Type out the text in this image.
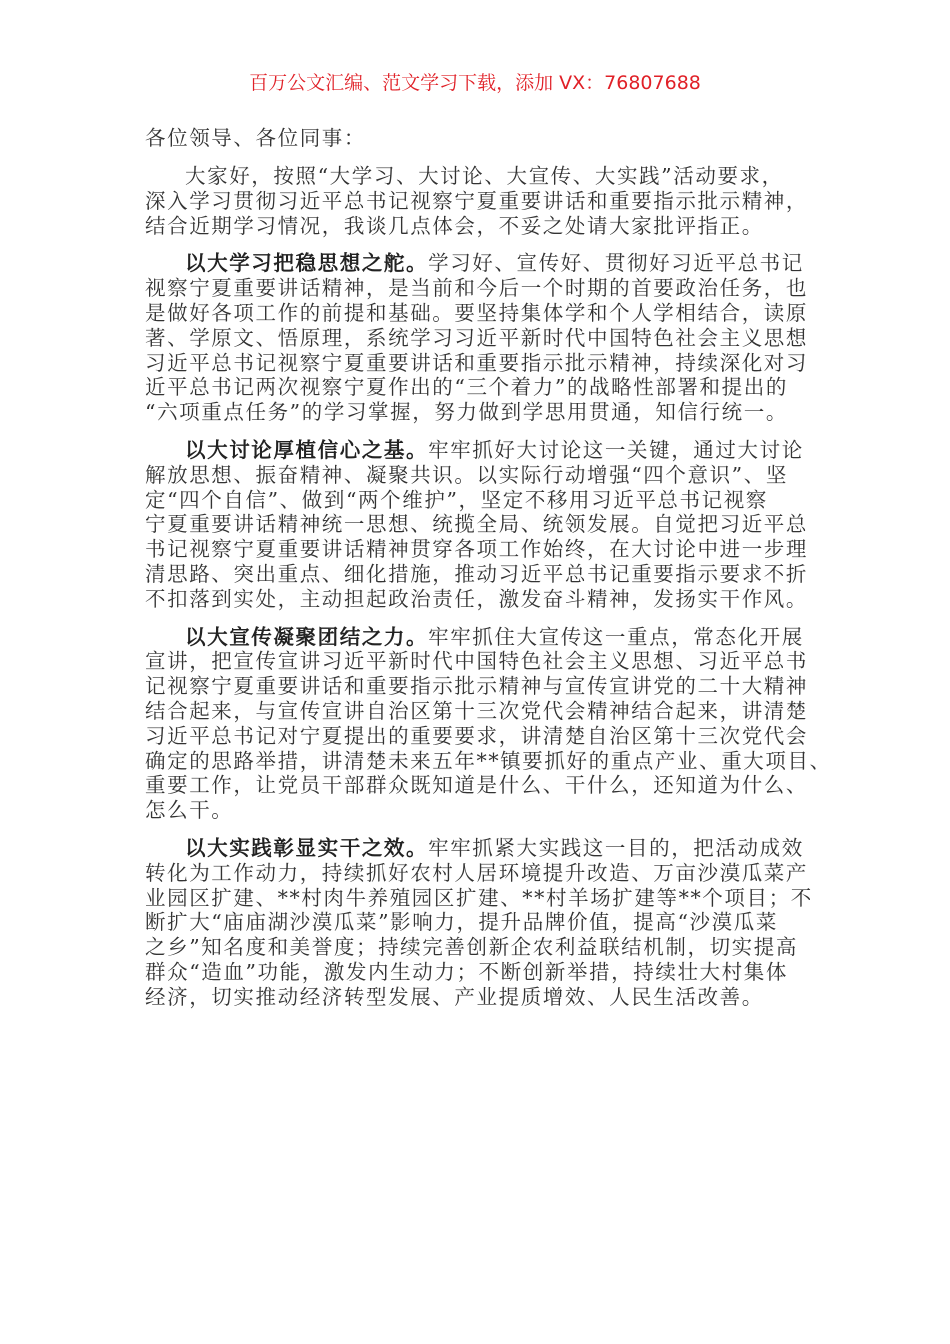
百万公文汇编、范文学习下载，添加 VX：76807688
各位领导、各位同事：
大家好，按照“大学习、大讨论、大宣传、大实践”活动要求，
深入学习贯彻习近平总书记视察宁夏重要讲话和重要指示批示精神，
结合近期学习情况，我谈几点体会，不妥之处请大家批评指正。
以大学习把稳思想之舵。学习好、宣传好、贯彻好习近平总书记
视察宁夏重要讲话精神，是当前和今后一个时期的首要政治任务，也
是做好各项工作的前提和基础。要坚持集体学和个人学相结合，读原
著、学原文、悟原理，系统学习习近平新时代中国特色社会主义思想
习近平总书记视察宁夏重要讲话和重要指示批示精神，持续深化对习
近平总书记两次视察宁夏作出的“三个着力”的战略性部署和提出的
“六项重点任务”的学习掌握，努力做到学思用贯通，知信行统一。
以大讨论厚植信心之基。牢牢抓好大讨论这一关键，通过大讨论
解放思想、振奋精神、凝聚共识。以实际行动增强“四个意识”、坚
定“四个自信”、做到“两个维护”，坚定不移用习近平总书记视察
宁夏重要讲话精神统一思想、统揽全局、统领发展。自觉把习近平总
书记视察宁夏重要讲话精神贯穿各项工作始终，在大讨论中进一步理
清思路、突出重点、细化措施，推动习近平总书记重要指示要求不折
不扣落到实处，主动担起政治责任，激发奋斗精神，发扬实干作风。
以大宣传凝聚团结之力。牢牢抓住大宣传这一重点，常态化开展
宣讲，把宣传宣讲习近平新时代中国特色社会主义思想、习近平总书
记视察宁夏重要讲话和重要指示批示精神与宣传宣讲党的二十大精神
结合起来，与宣传宣讲自治区第十三次党代会精神结合起来，讲清楚
习近平总书记对宁夏提出的重要要求，讲清楚自治区第十三次党代会
确定的思路举措，讲清楚未来五年**镇要抓好的重点产业、重大项目、
重要工作，让党员干部群众既知道是什么、干什么，还知道为什么、
怎么干。
以大实践彰显实干之效。牢牢抓紧大实践这一目的，把活动成效
转化为工作动力，持续抓好农村人居环境提升改造、万亩沙漠瓜菜产
业园区扩建、**村肉牛养殖园区扩建、**村羊场扩建等**个项目；不
断扩大“庙庙湖沙漠瓜菜”影响力，提升品牌价值，提高“沙漠瓜菜
之乡”知名度和美誉度；持续完善创新企农利益联结机制，切实提高
群众“造血”功能，激发内生动力；不断创新举措，持续壮大村集体
经济，切实推动经济转型发展、产业提质增效、人民生活改善。
